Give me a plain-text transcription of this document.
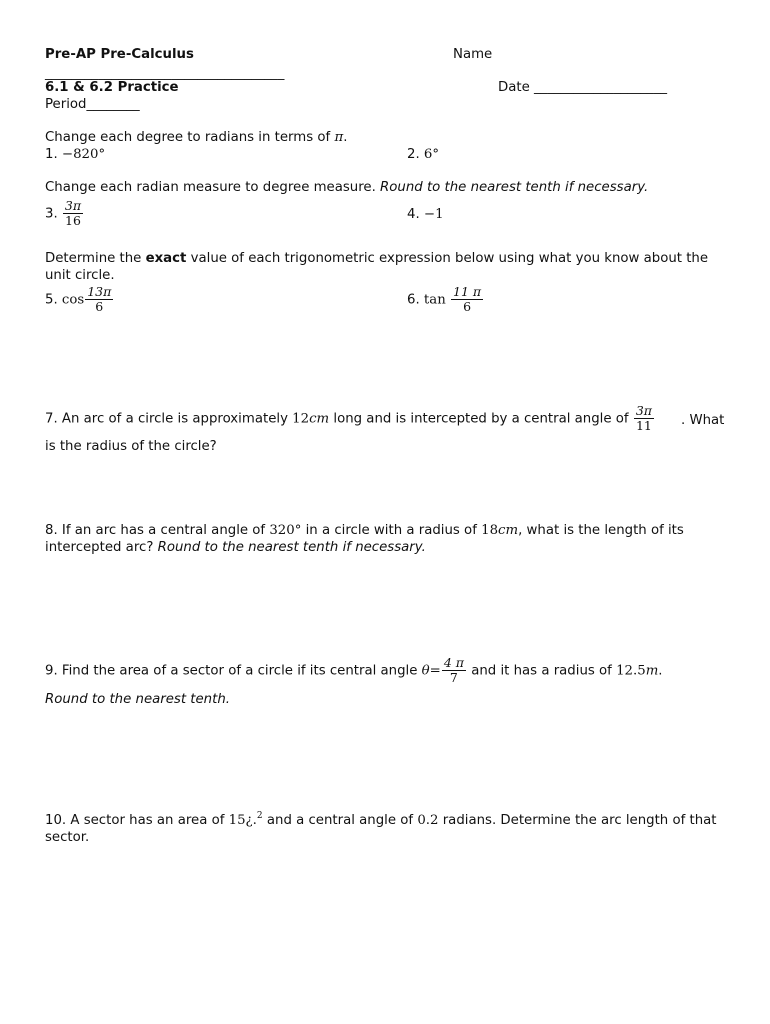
Pre-AP Pre-Calculus	Name
____________________________________
6.1 & 6.2 Practice	Date ____________________
Period________
Change each degree to radians in terms of π.
1. −820°	2. 6°
Change each radian measure to degree measure. Round to the nearest tenth if necessary.
3. $\frac{3\pi}{16}$	4. −1
Determine the exact value of each trigonometric expression below using what you know about the unit circle.
5. $\cos \frac{13\pi}{6}$	6. $\tan \frac{11 \pi}{6}$
7. An arc of a circle is approximately 12cm long and is intercepted by a central angle of $\frac{3\pi}{11}$ . What
is the radius of the circle?
8. If an arc has a central angle of 320° in a circle with a radius of 18cm, what is the length of its intercepted arc? Round to the nearest tenth if necessary.
9. Find the area of a sector of a circle if its central angle $\theta= \frac{4 \pi}{7}$ and it has a radius of 12.5m.
Round to the nearest tenth.
10. A sector has an area of 15¿.$^2$ and a central angle of 0.2 radians. Determine the arc length of that sector.
